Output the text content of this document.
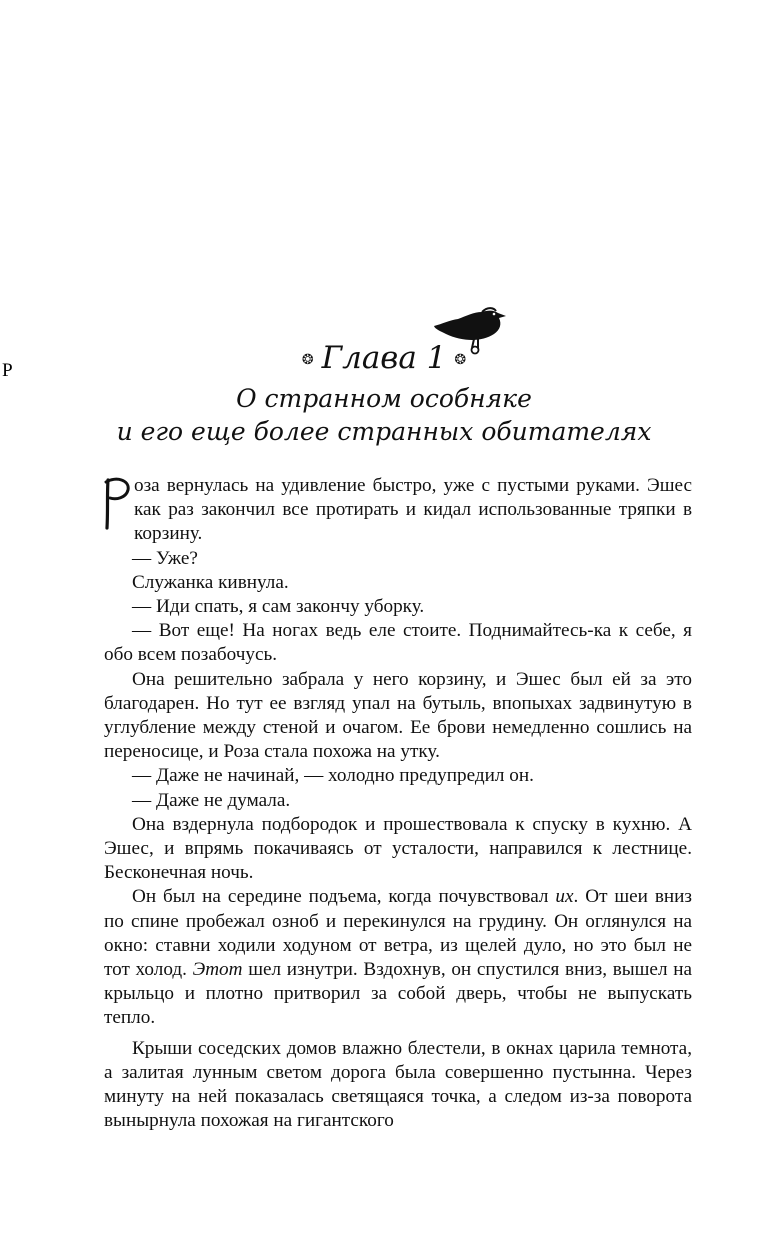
❂ Глава 1 ❂
О странном особняке
и его еще более странных обитателях

Р
оза вернулась на удивление быстро, уже с пустыми руками. Эшес как раз закончил все протирать и кидал использованные тряпки в корзину.

— Уже?

Служанка кивнула.

— Иди спать, я сам закончу уборку.

— Вот еще! На ногах ведь еле стоите. Поднимайтесь-ка к себе, я обо всем позабочусь.

Она решительно забрала у него корзину, и Эшес был ей за это благодарен. Но тут ее взгляд упал на бутыль, впопыхах задвинутую в углубление между стеной и очагом. Ее брови немедленно сошлись на переносице, и Роза стала похожа на утку.

— Даже не начинай, — холодно предупредил он.

— Даже не думала.

Она вздернула подбородок и прошествовала к спуску в кухню. А Эшес, и впрямь покачиваясь от усталости, направился к лестнице. Бесконечная ночь.

Он был на середине подъема, когда почувствовал их. От шеи вниз по спине пробежал озноб и перекинулся на грудину. Он оглянулся на окно: ставни ходили ходуном от ветра, из щелей дуло, но это был не тот холод. Этот шел изнутри. Вздохнув, он спустился вниз, вышел на крыльцо и плотно притворил за собой дверь, чтобы не выпускать тепло.

Крыши соседских домов влажно блестели, в окнах царила темнота, а залитая лунным светом дорога была совершенно пустынна. Через минуту на ней показалась светящаяся точка, а следом из-за поворота вынырнула похожая на гигантского
